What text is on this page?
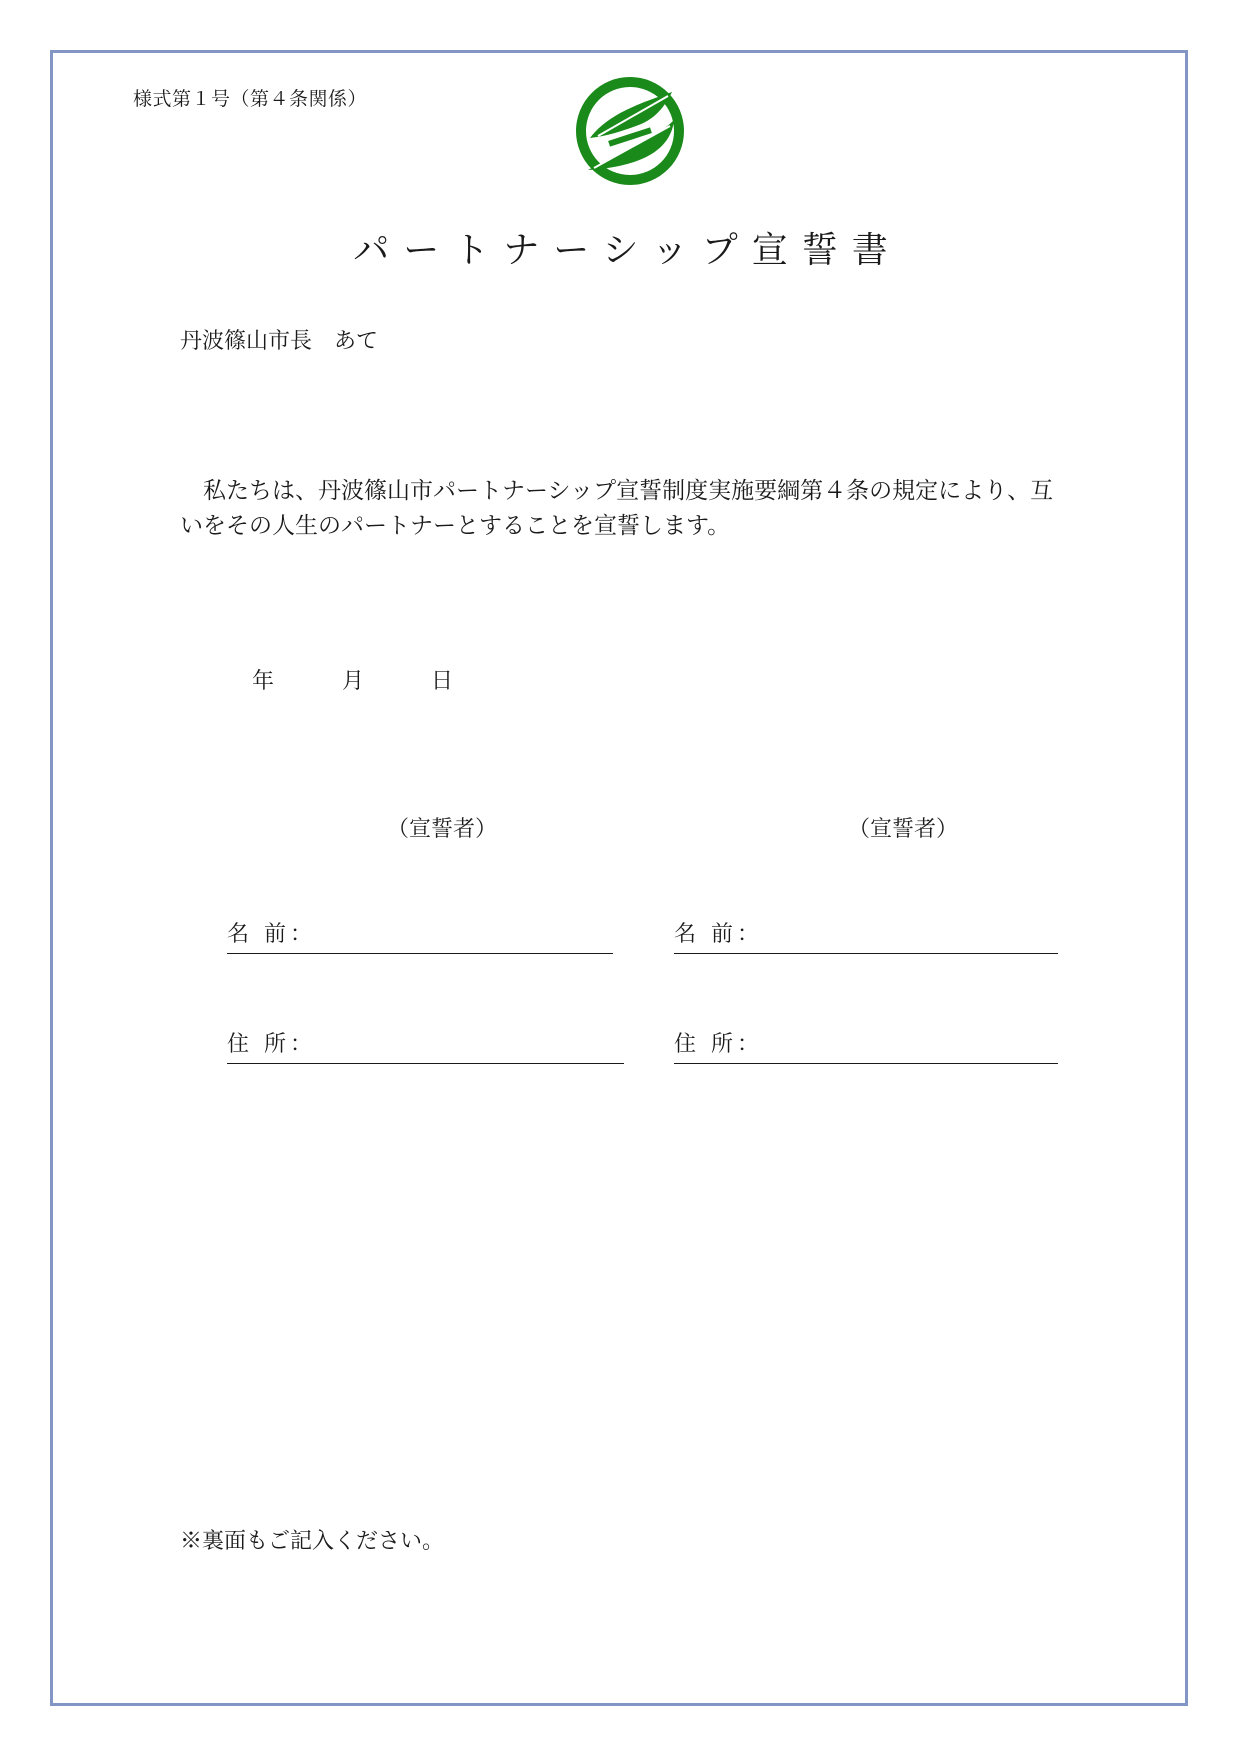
様式第１号（第４条関係）
パートナーシップ宣誓書
丹波篠山市長　あて
私たちは、丹波篠山市パートナーシップ宣誓制度実施要綱第４条の規定により、互いをその人生のパートナーとすることを宣誓します。
年	月	日
（宣誓者）	（宣誓者）
名 前：	名 前：
住 所：	住 所：
※裏面もご記入ください。
